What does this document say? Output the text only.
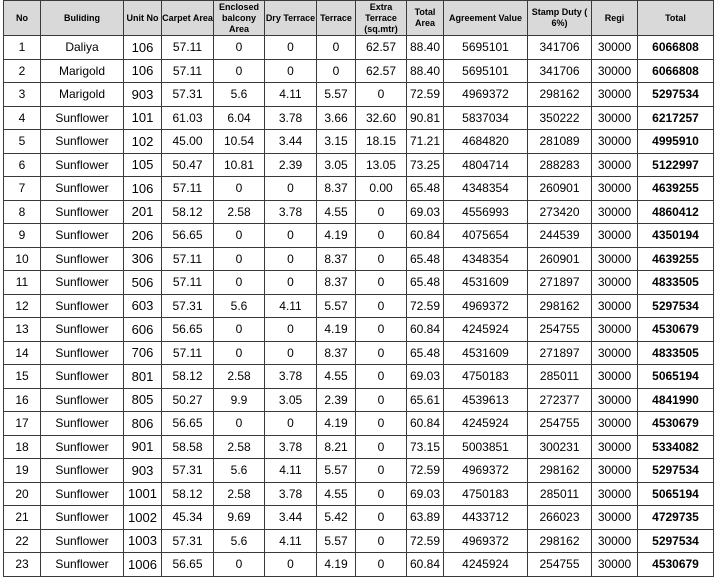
No	Buliding	Unit No	Carpet Area	Enclosed balcony Area	Dry Terrace	Terrace	Extra Terrace (sq.mtr)	Total Area	Agreement Value	Stamp Duty ( 6%)	Regi	Total
1	Daliya	106	57.11	0	0	0	62.57	88.40	5695101	341706	30000	6066808
2	Marigold	106	57.11	0	0	0	62.57	88.40	5695101	341706	30000	6066808
3	Marigold	903	57.31	5.6	4.11	5.57	0	72.59	4969372	298162	30000	5297534
4	Sunflower	101	61.03	6.04	3.78	3.66	32.60	90.81	5837034	350222	30000	6217257
5	Sunflower	102	45.00	10.54	3.44	3.15	18.15	71.21	4684820	281089	30000	4995910
6	Sunflower	105	50.47	10.81	2.39	3.05	13.05	73.25	4804714	288283	30000	5122997
7	Sunflower	106	57.11	0	0	8.37	0.00	65.48	4348354	260901	30000	4639255
8	Sunflower	201	58.12	2.58	3.78	4.55	0	69.03	4556993	273420	30000	4860412
9	Sunflower	206	56.65	0	0	4.19	0	60.84	4075654	244539	30000	4350194
10	Sunflower	306	57.11	0	0	8.37	0	65.48	4348354	260901	30000	4639255
11	Sunflower	506	57.11	0	0	8.37	0	65.48	4531609	271897	30000	4833505
12	Sunflower	603	57.31	5.6	4.11	5.57	0	72.59	4969372	298162	30000	5297534
13	Sunflower	606	56.65	0	0	4.19	0	60.84	4245924	254755	30000	4530679
14	Sunflower	706	57.11	0	0	8.37	0	65.48	4531609	271897	30000	4833505
15	Sunflower	801	58.12	2.58	3.78	4.55	0	69.03	4750183	285011	30000	5065194
16	Sunflower	805	50.27	9.9	3.05	2.39	0	65.61	4539613	272377	30000	4841990
17	Sunflower	806	56.65	0	0	4.19	0	60.84	4245924	254755	30000	4530679
18	Sunflower	901	58.58	2.58	3.78	8.21	0	73.15	5003851	300231	30000	5334082
19	Sunflower	903	57.31	5.6	4.11	5.57	0	72.59	4969372	298162	30000	5297534
20	Sunflower	1001	58.12	2.58	3.78	4.55	0	69.03	4750183	285011	30000	5065194
21	Sunflower	1002	45.34	9.69	3.44	5.42	0	63.89	4433712	266023	30000	4729735
22	Sunflower	1003	57.31	5.6	4.11	5.57	0	72.59	4969372	298162	30000	5297534
23	Sunflower	1006	56.65	0	0	4.19	0	60.84	4245924	254755	30000	4530679
